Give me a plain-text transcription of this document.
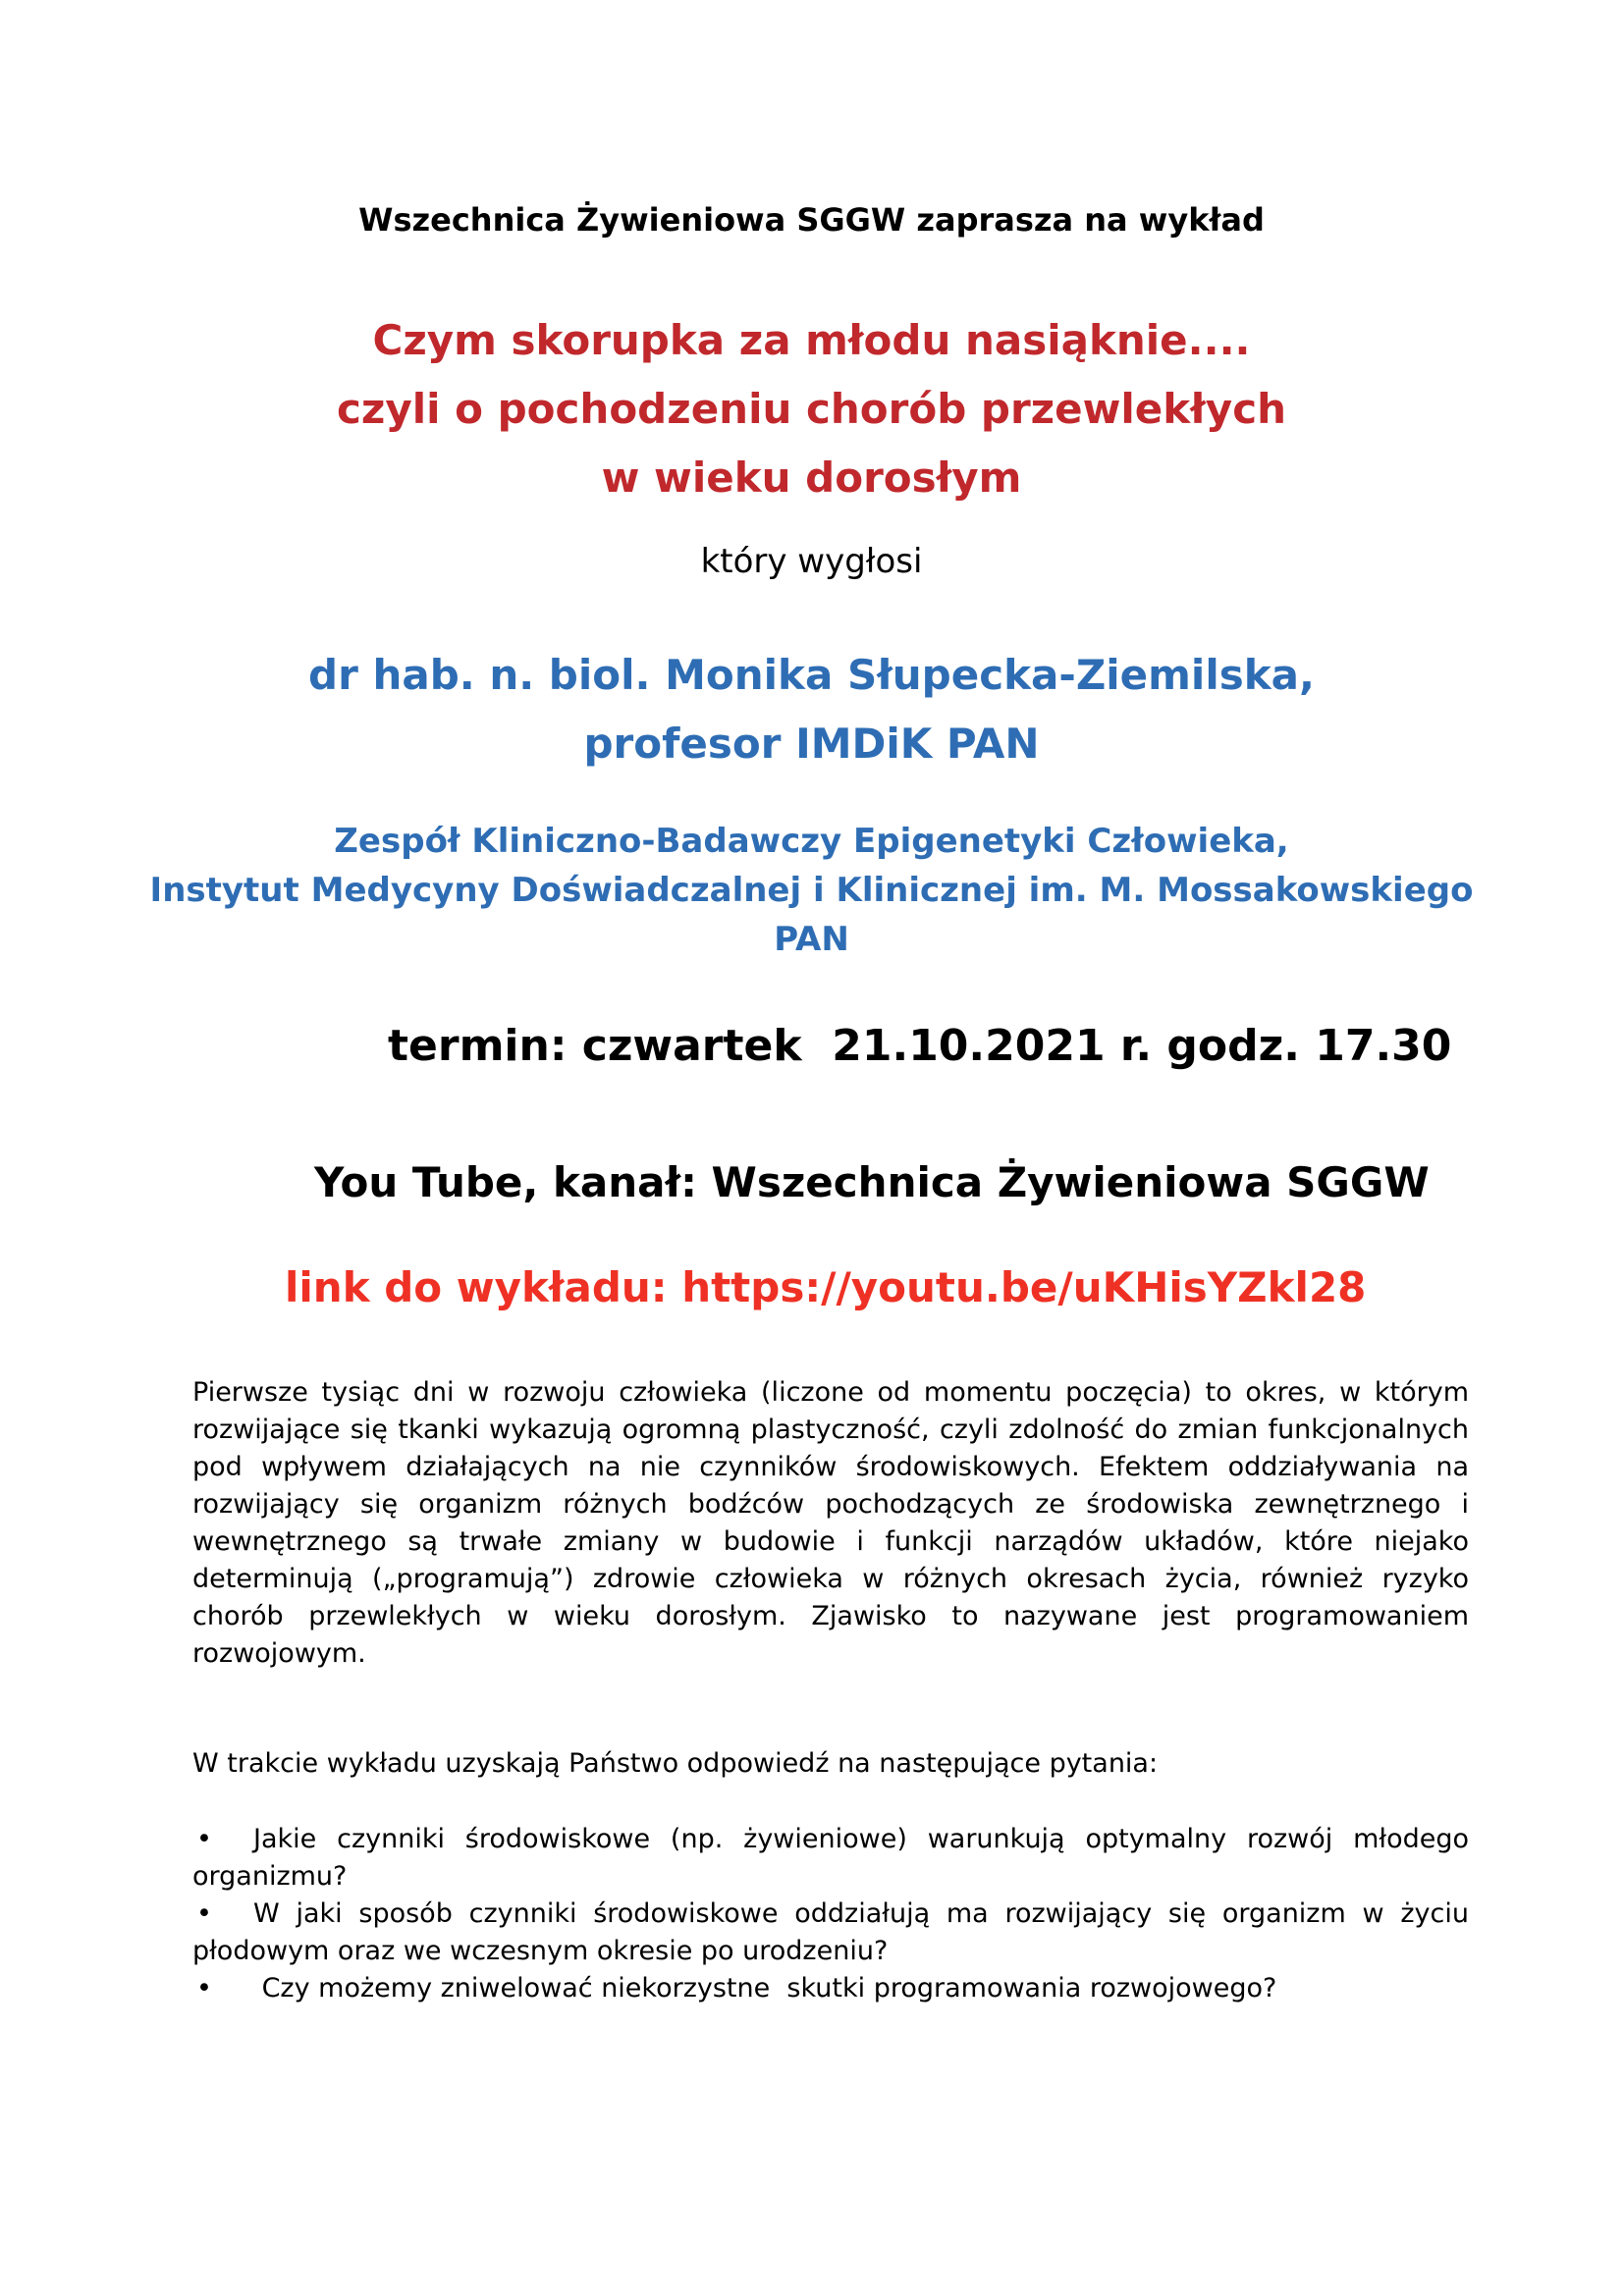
Wszechnica Żywieniowa SGGW zaprasza na wykład
Czym skorupka za młodu nasiąknie....
czyli o pochodzeniu chorób przewlekłych
w wieku dorosłym
który wygłosi
dr hab. n. biol. Monika Słupecka-Ziemilska,
profesor IMDiK PAN
Zespół Kliniczno-Badawczy Epigenetyki Człowieka,
Instytut Medycyny Doświadczalnej i Klinicznej im. M. Mossakowskiego
PAN
termin: czwartek  21.10.2021 r. godz. 17.30
You Tube, kanał: Wszechnica Żywieniowa SGGW
link do wykładu: https://youtu.be/uKHisYZkl28
Pierwsze tysiąc dni w rozwoju człowieka (liczone od momentu poczęcia) to okres, w którym rozwijające się tkanki wykazują ogromną plastyczność, czyli zdolność do zmian funkcjonalnych pod wpływem działających na nie czynników środowiskowych. Efektem oddziaływania na rozwijający się organizm różnych bodźców pochodzących ze środowiska zewnętrznego i wewnętrznego są trwałe zmiany w budowie i funkcji narządów układów, które niejako determinują („programują”) zdrowie człowieka w różnych okresach życia, również ryzyko chorób przewlekłych w wieku dorosłym. Zjawisko to nazywane jest programowaniem rozwojowym.
W trakcie wykładu uzyskają Państwo odpowiedź na następujące pytania:
• Jakie czynniki środowiskowe (np. żywieniowe) warunkują optymalny rozwój młodego organizmu?
• W jaki sposób czynniki środowiskowe oddziałują ma rozwijający się organizm w życiu płodowym oraz we wczesnym okresie po urodzeniu?
• Czy możemy zniwelować niekorzystne  skutki programowania rozwojowego?
